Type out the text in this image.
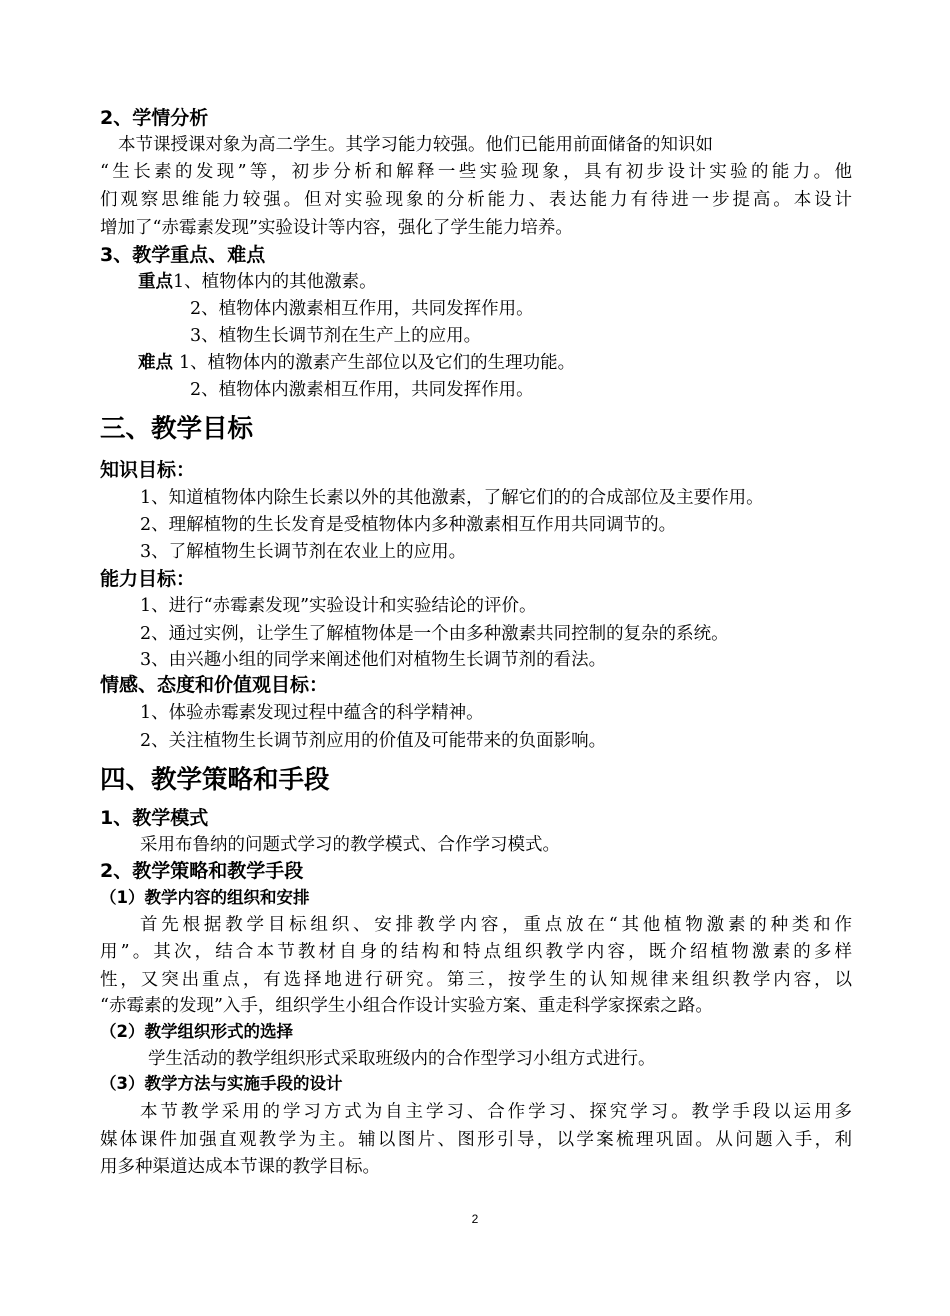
2、学情分析
本节课授课对象为高二学生。其学习能力较强。他们已能用前面储备的知识如
“生长素的发现”等，初步分析和解释一些实验现象，具有初步设计实验的能力。他
们观察思维能力较强。但对实验现象的分析能力、表达能力有待进一步提高。本设计
增加了“赤霉素发现”实验设计等内容，强化了学生能力培养。
3、教学重点、难点
重点1、植物体内的其他激素。
2、植物体内激素相互作用，共同发挥作用。
3、植物生长调节剂在生产上的应用。
难点 1、植物体内的激素产生部位以及它们的生理功能。
2、植物体内激素相互作用，共同发挥作用。
三、教学目标
知识目标：
1、知道植物体内除生长素以外的其他激素，了解它们的的合成部位及主要作用。
2、理解植物的生长发育是受植物体内多种激素相互作用共同调节的。
3、了解植物生长调节剂在农业上的应用。
能力目标：
1、进行“赤霉素发现”实验设计和实验结论的评价。
2、通过实例，让学生了解植物体是一个由多种激素共同控制的复杂的系统。
3、由兴趣小组的同学来阐述他们对植物生长调节剂的看法。
情感、态度和价值观目标：
1、体验赤霉素发现过程中蕴含的科学精神。
2、关注植物生长调节剂应用的价值及可能带来的负面影响。
四、教学策略和手段
1、教学模式
采用布鲁纳的问题式学习的教学模式、合作学习模式。
2、教学策略和教学手段
（1）教学内容的组织和安排
首先根据教学目标组织、安排教学内容，重点放在“其他植物激素的种类和作
用”。其次，结合本节教材自身的结构和特点组织教学内容，既介绍植物激素的多样
性，又突出重点，有选择地进行研究。第三，按学生的认知规律来组织教学内容，以
“赤霉素的发现”入手，组织学生小组合作设计实验方案、重走科学家探索之路。
（2）教学组织形式的选择
学生活动的教学组织形式采取班级内的合作型学习小组方式进行。
（3）教学方法与实施手段的设计
本节教学采用的学习方式为自主学习、合作学习、探究学习。教学手段以运用多
媒体课件加强直观教学为主。辅以图片、图形引导，以学案梳理巩固。从问题入手，利
用多种渠道达成本节课的教学目标。
2
